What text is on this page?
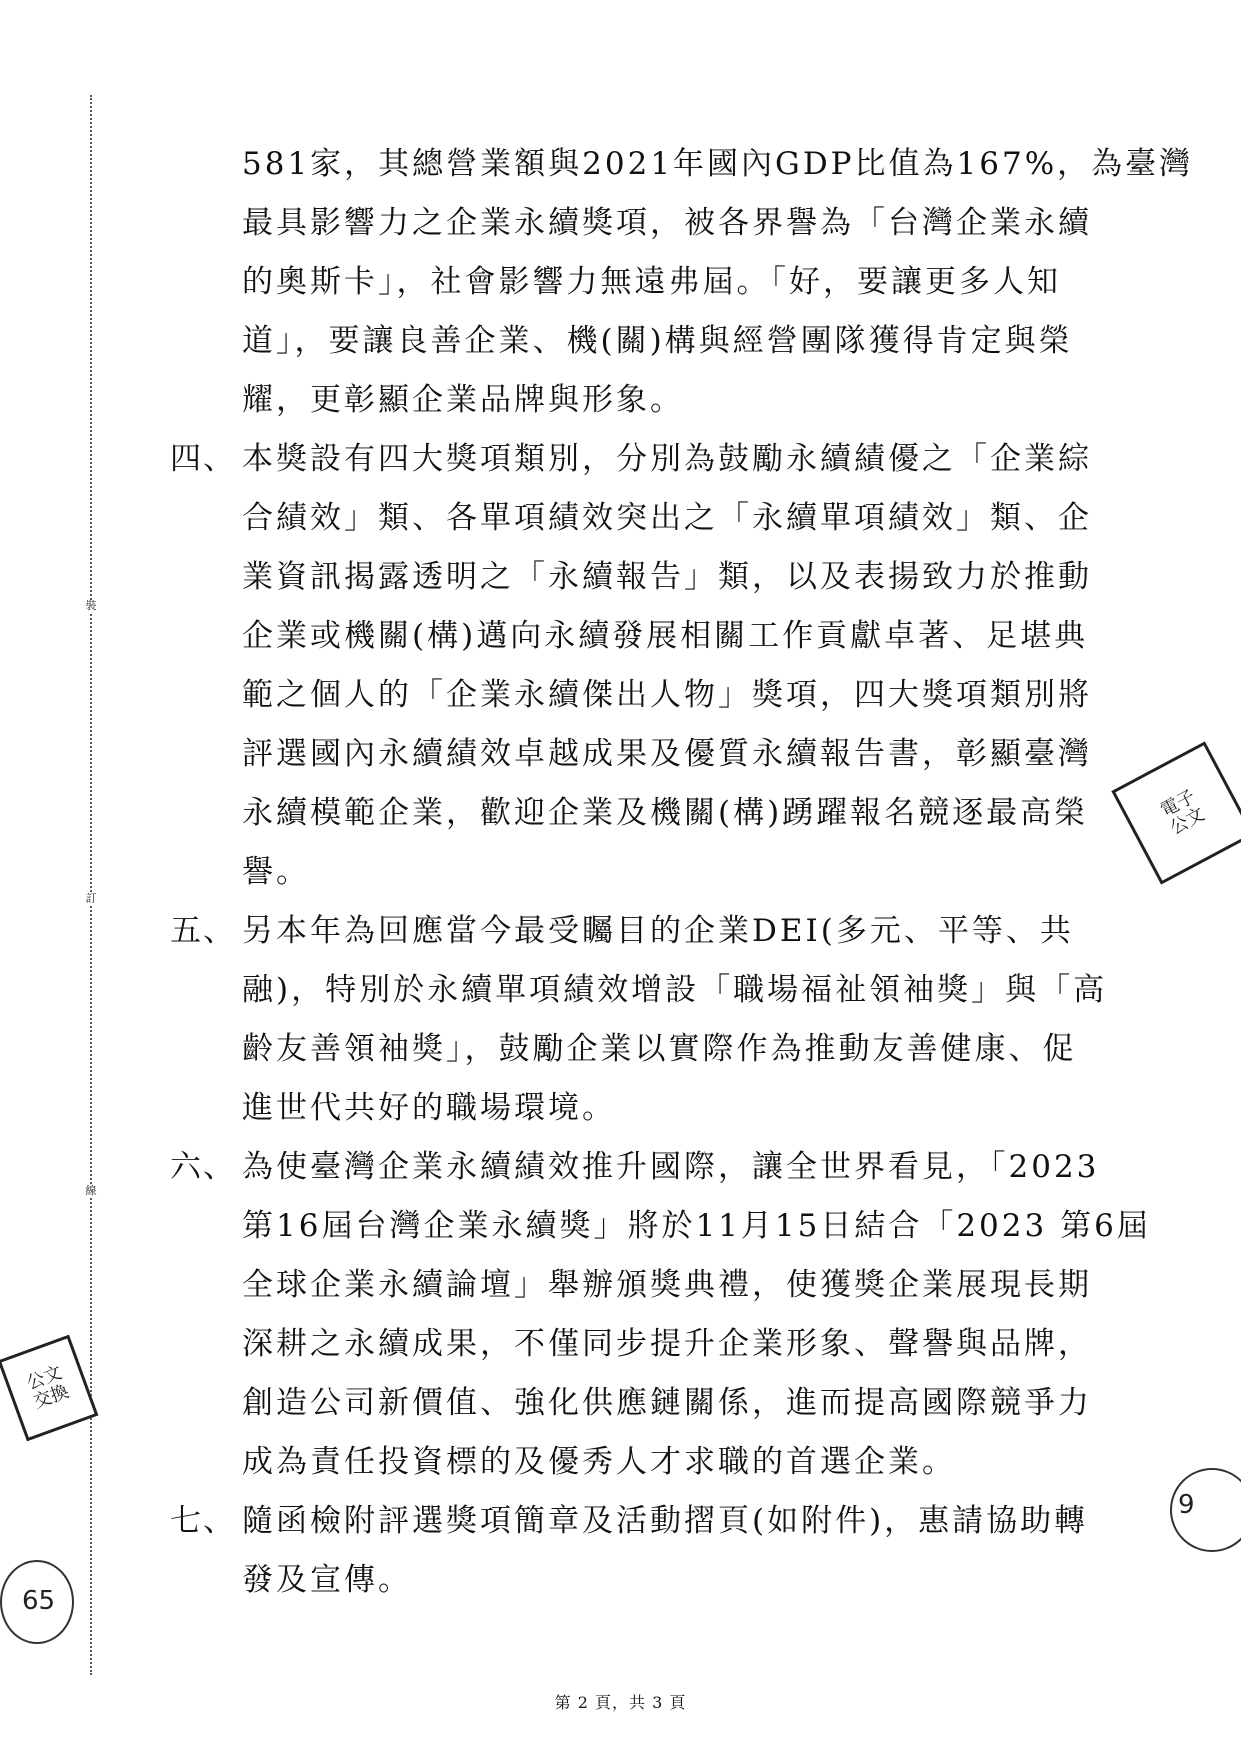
裝
訂
線
581家，其總營業額與2021年國內GDP比值為167%，為臺灣
最具影響力之企業永續獎項，被各界譽為「台灣企業永續
的奧斯卡」，社會影響力無遠弗屆。「好，要讓更多人知
道」，要讓良善企業、機(關)構與經營團隊獲得肯定與榮
耀，更彰顯企業品牌與形象。
四、 本獎設有四大獎項類別，分別為鼓勵永續績優之「企業綜
合績效」類、各單項績效突出之「永續單項績效」類、企
業資訊揭露透明之「永續報告」類，以及表揚致力於推動
企業或機關(構)邁向永續發展相關工作貢獻卓著、足堪典
範之個人的「企業永續傑出人物」獎項，四大獎項類別將
評選國內永續績效卓越成果及優質永續報告書，彰顯臺灣
永續模範企業，歡迎企業及機關(構)踴躍報名競逐最高榮
譽。
五、 另本年為回應當今最受矚目的企業DEI(多元、平等、共
融)，特別於永續單項績效增設「職場福祉領袖獎」與「高
齡友善領袖獎」，鼓勵企業以實際作為推動友善健康、促
進世代共好的職場環境。
六、 為使臺灣企業永續績效推升國際，讓全世界看見，「2023
第16屆台灣企業永續獎」將於11月15日結合「2023 第6屆
全球企業永續論壇」舉辦頒獎典禮，使獲獎企業展現長期
深耕之永續成果，不僅同步提升企業形象、聲譽與品牌，
創造公司新價值、強化供應鏈關係，進而提高國際競爭力
成為責任投資標的及優秀人才求職的首選企業。
七、 隨函檢附評選獎項簡章及活動摺頁(如附件)，惠請協助轉
發及宣傳。
第 2 頁，共 3 頁
電子公文
公文交換
9
65
